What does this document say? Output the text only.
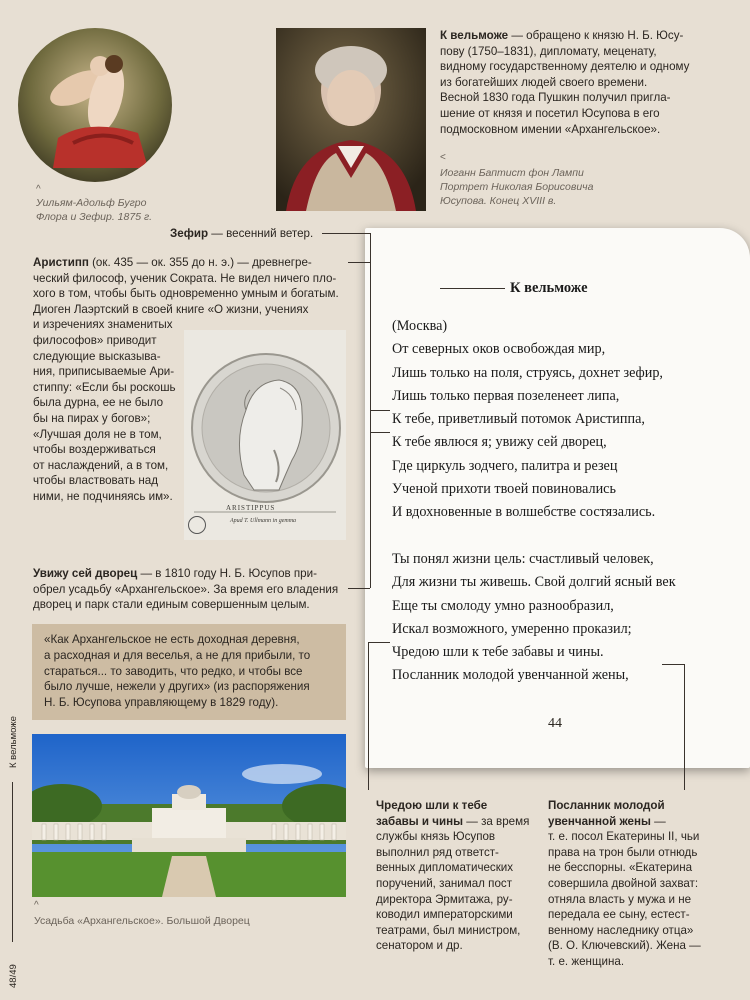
^
Уильям-Адольф Бугро
Флора и Зефир. 1875 г.
<
Иоганн Баптист фон Лампи
Портрет Николая Борисовича
Юсупова. Конец XVIII в.
К вельможе — обращено к князю Н. Б. Юсу-
пову (1750–1831), дипломату, меценату,
видному государственному деятелю и одному
из богатейших людей своего времени.
Весной 1830 года Пушкин получил пригла-
шение от князя и посетил Юсупова в его
подмосковном имении «Архангельское».
К вельможе
(Москва)
От северных оков освобождая мир,
Лишь только на поля, струясь, дохнет зефир,
Лишь только первая позеленеет липа,
К тебе, приветливый потомок Аристиппа,
К тебе явлюся я; увижу сей дворец,
Где циркуль зодчего, палитра и резец
Ученой прихоти твоей повиновались
И вдохновенные в волшебстве состязались.
Ты понял жизни цель: счастливый человек,
Для жизни ты живешь. Свой долгий ясный век
Еще ты смолоду умно разнообразил,
Искал возможного, умеренно проказил;
Чредою шли к тебе забавы и чины.
Посланник молодой увенчанной жены,
44
Зефир — весенний ветер.
Аристипп (ок. 435 — ок. 355 до н. э.) — древнегре-
ческий философ, ученик Сократа. Не видел ничего пло-
хого в том, чтобы быть одновременно умным и богатым.
Диоген Лаэртский в своей книге «О жизни, учениях
и изречениях знаменитых
философов» приводит
следующие высказыва-
ния, приписываемые Ари-
стиппу: «Если бы роскошь
была дурна, ее не было
бы на пирах у богов»;
«Лучшая доля не в том,
чтобы воздерживаться
от наслаждений, а в том,
чтобы властвовать над
ними, не подчиняясь им».
ARISTIPPUS
Apud T. Ullmann in gemma
Увижу сей дворец — в 1810 году Н. Б. Юсупов при-
обрел усадьбу «Архангельское». За время его владения
дворец и парк стали единым совершенным целым.
«Как Архангельское не есть доходная деревня,
а расходная и для веселья, а не для прибыли, то
стараться... то заводить, что редко, и чтобы все
было лучше, нежели у других» (из распоряжения
Н. Б. Юсупова управляющему в 1829 году).
^
Усадьба «Архангельское». Большой Дворец
К вельможе
48/49
Чредою шли к тебе
забавы и чины — за время
службы князь Юсупов
выполнил ряд ответст-
венных дипломатических
поручений, занимал пост
директора Эрмитажа, ру-
ководил императорскими
театрами, был министром,
сенатором и др.
Посланник молодой
увенчанной жены —
т. е. посол Екатерины II, чьи
права на трон были отнюдь
не бесспорны. «Екатерина
совершила двойной захват:
отняла власть у мужа и не
передала ее сыну, естест-
венному наследнику отца»
(В. О. Ключевский). Жена —
т. е. женщина.
